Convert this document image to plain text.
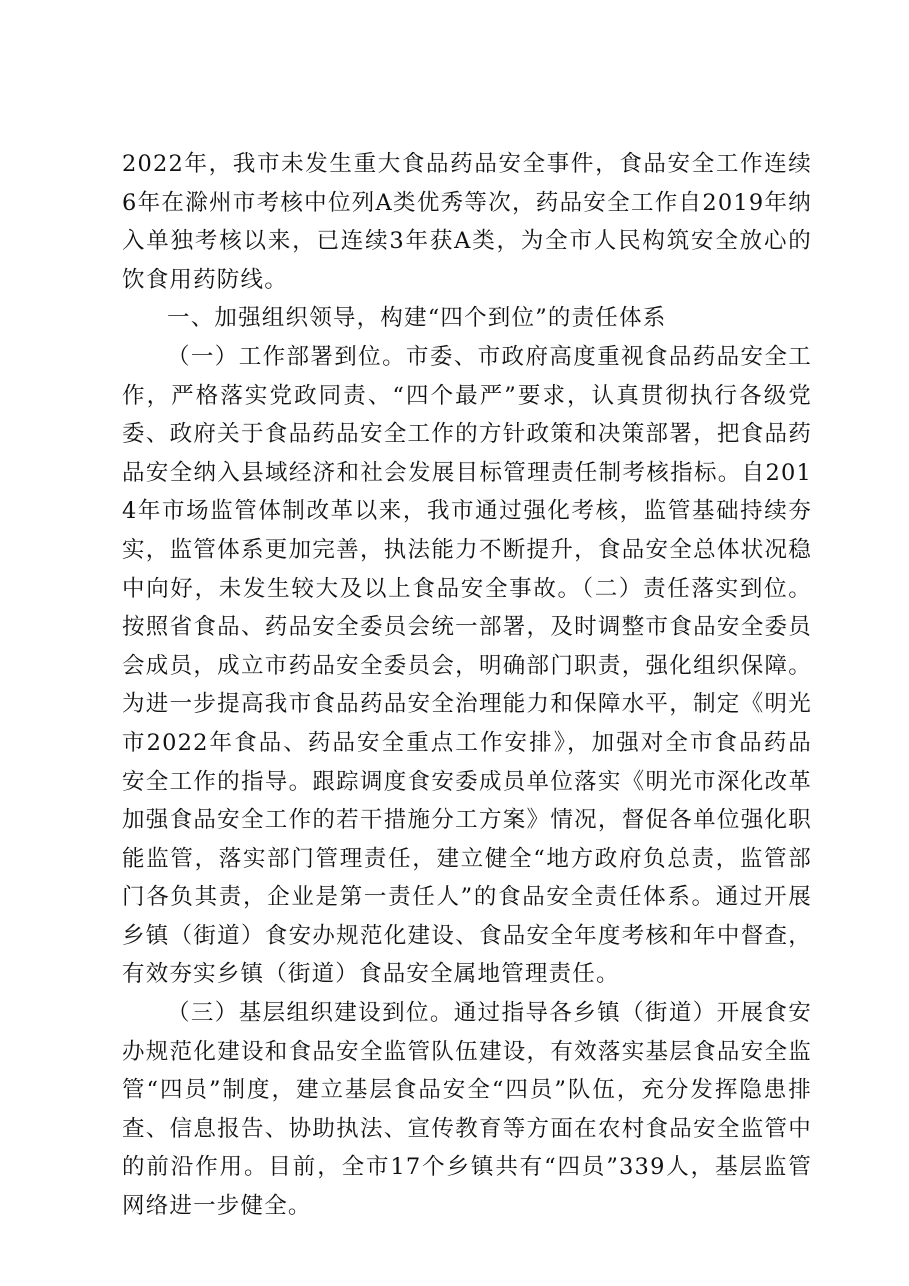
2022年，我市未发生重大食品药品安全事件，食品安全工作连续6年在滁州市考核中位列A类优秀等次，药品安全工作自2019年纳入单独考核以来，已连续3年获A类，为全市人民构筑安全放心的饮食用药防线。

一、加强组织领导，构建“四个到位”的责任体系

（一）工作部署到位。市委、市政府高度重视食品药品安全工作，严格落实党政同责、“四个最严”要求，认真贯彻执行各级党委、政府关于食品药品安全工作的方针政策和决策部署，把食品药品安全纳入县域经济和社会发展目标管理责任制考核指标。自2014年市场监管体制改革以来，我市通过强化考核，监管基础持续夯实，监管体系更加完善，执法能力不断提升，食品安全总体状况稳中向好，未发生较大及以上食品安全事故。（二）责任落实到位。按照省食品、药品安全委员会统一部署，及时调整市食品安全委员会成员，成立市药品安全委员会，明确部门职责，强化组织保障。为进一步提高我市食品药品安全治理能力和保障水平，制定《明光市2022年食品、药品安全重点工作安排》，加强对全市食品药品安全工作的指导。跟踪调度食安委成员单位落实《明光市深化改革加强食品安全工作的若干措施分工方案》情况，督促各单位强化职能监管，落实部门管理责任，建立健全“地方政府负总责，监管部门各负其责，企业是第一责任人”的食品安全责任体系。通过开展乡镇（街道）食安办规范化建设、食品安全年度考核和年中督查，有效夯实乡镇（街道）食品安全属地管理责任。

（三）基层组织建设到位。通过指导各乡镇（街道）开展食安办规范化建设和食品安全监管队伍建设，有效落实基层食品安全监管“四员”制度，建立基层食品安全“四员”队伍，充分发挥隐患排查、信息报告、协助执法、宣传教育等方面在农村食品安全监管中的前沿作用。目前，全市17个乡镇共有“四员”339人，基层监管网络进一步健全。
